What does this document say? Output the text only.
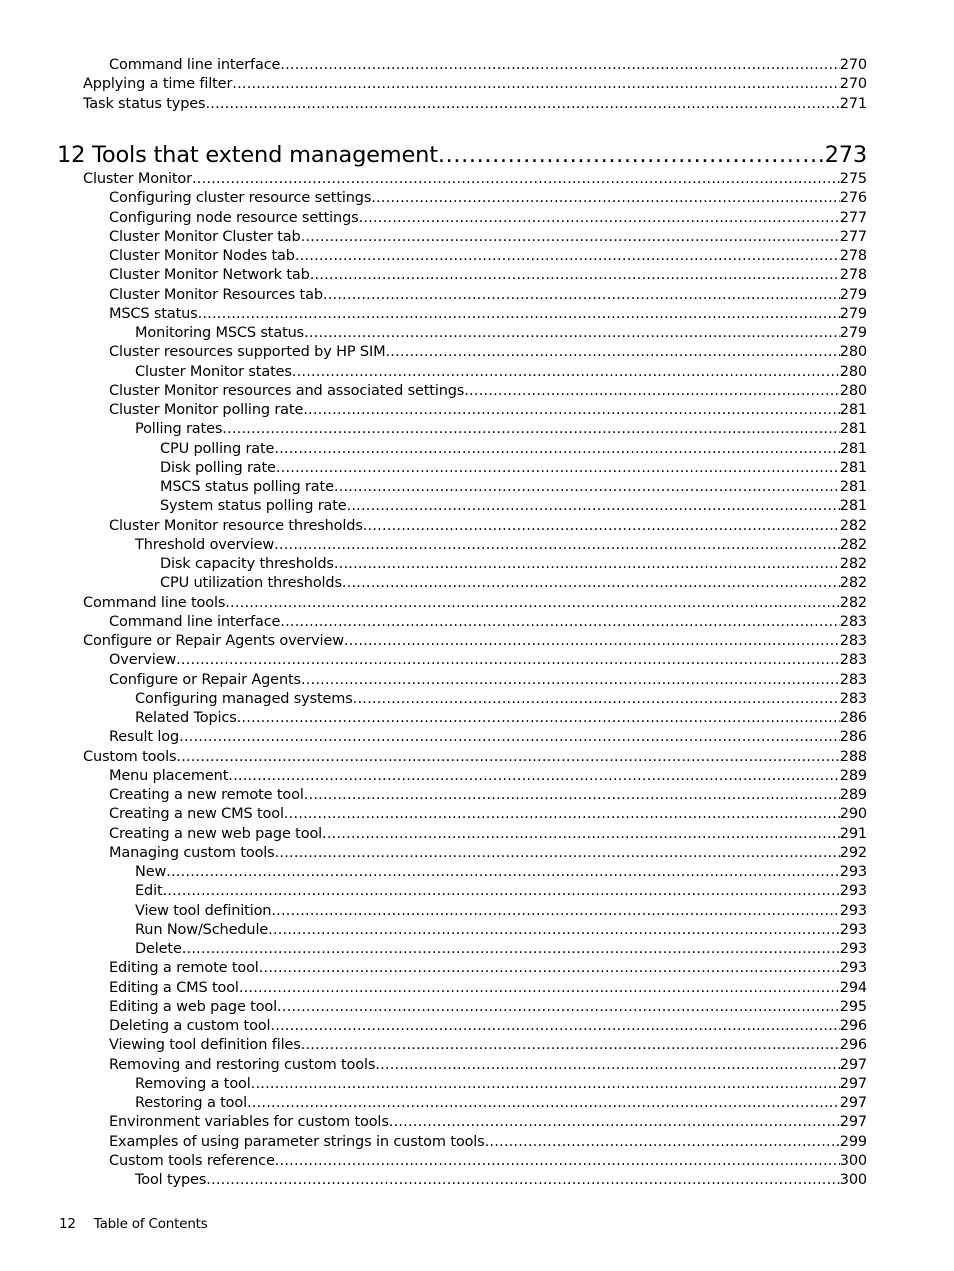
Command line interface .....	270
Applying a time filter .....	270
Task status types .....	271
12 Tools that extend management .....	273
Cluster Monitor .....	275
Configuring cluster resource settings .....	276
Configuring node resource settings .....	277
Cluster Monitor Cluster tab .....	277
Cluster Monitor Nodes tab .....	278
Cluster Monitor Network tab .....	278
Cluster Monitor Resources tab .....	279
MSCS status .....	279
Monitoring MSCS status .....	279
Cluster resources supported by HP SIM .....	280
Cluster Monitor states .....	280
Cluster Monitor resources and associated settings .....	280
Cluster Monitor polling rate .....	281
Polling rates .....	281
CPU polling rate .....	281
Disk polling rate .....	281
MSCS status polling rate .....	281
System status polling rate .....	281
Cluster Monitor resource thresholds .....	282
Threshold overview .....	282
Disk capacity thresholds .....	282
CPU utilization thresholds .....	282
Command line tools .....	282
Command line interface .....	283
Configure or Repair Agents overview .....	283
Overview .....	283
Configure or Repair Agents .....	283
Configuring managed systems .....	283
Related Topics .....	286
Result log .....	286
Custom tools .....	288
Menu placement .....	289
Creating a new remote tool .....	289
Creating a new CMS tool .....	290
Creating a new web page tool .....	291
Managing custom tools .....	292
New .....	293
Edit .....	293
View tool definition .....	293
Run Now/Schedule .....	293
Delete .....	293
Editing a remote tool .....	293
Editing a CMS tool .....	294
Editing a web page tool .....	295
Deleting a custom tool .....	296
Viewing tool definition files .....	296
Removing and restoring custom tools .....	297
Removing a tool .....	297
Restoring a tool .....	297
Environment variables for custom tools .....	297
Examples of using parameter strings in custom tools .....	299
Custom tools reference .....	300
Tool types .....	300
12 Table of Contents
